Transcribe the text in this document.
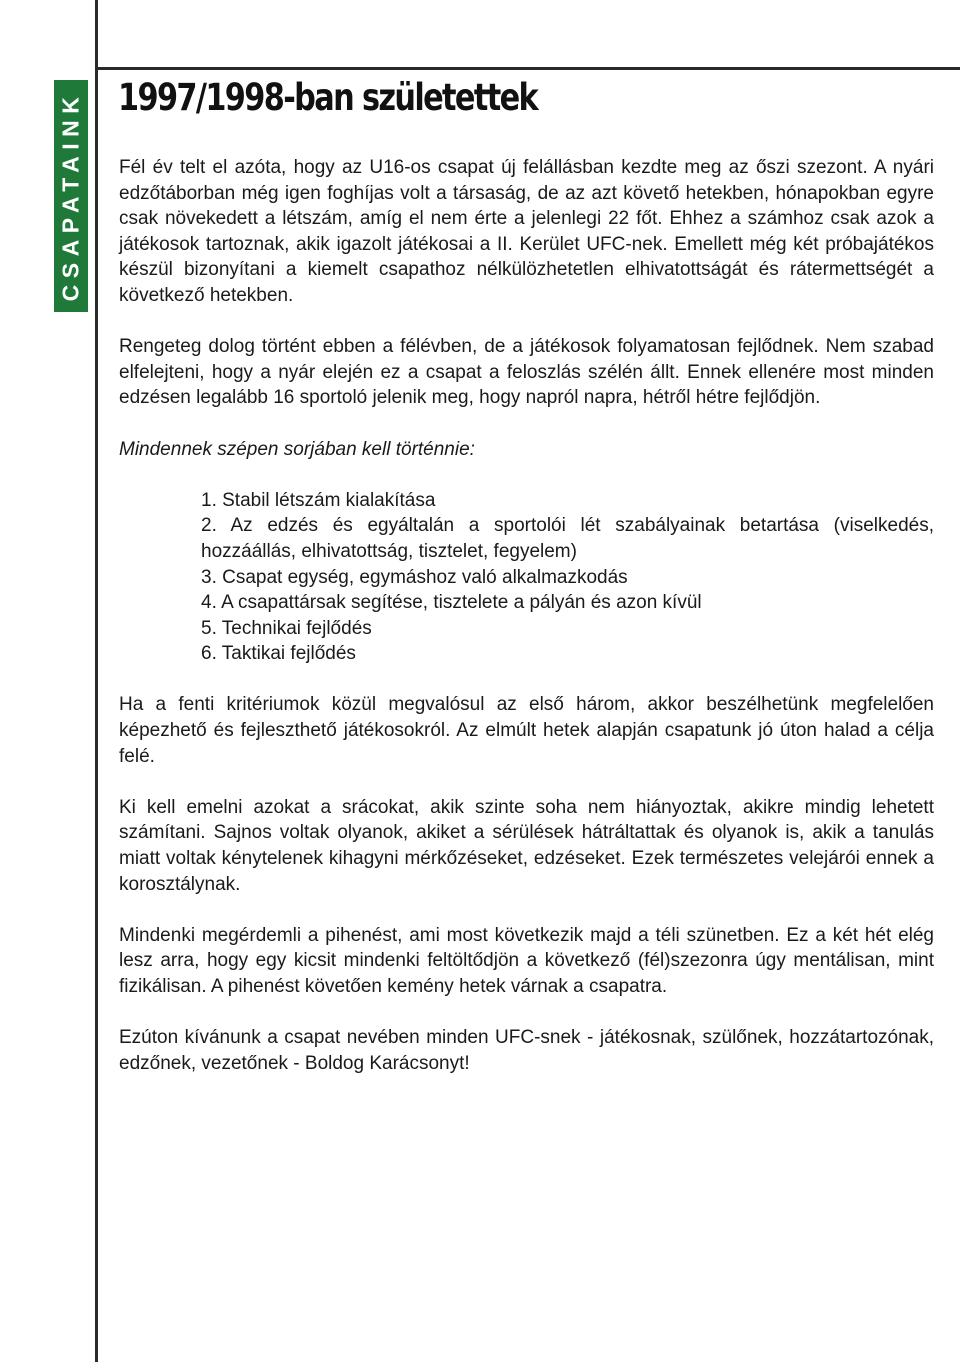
CSAPATAINK 1997/1998-ban születettek

Fél év telt el azóta, hogy az U16-os csapat új felállásban kezdte meg az őszi szezont. A nyári edzőtáborban még igen foghíjas volt a társaság, de az azt követő hetekben, hónapokban egyre csak növekedett a létszám, amíg el nem érte a jelenlegi 22 főt. Ehhez a számhoz csak azok a játékosok tartoznak, akik igazolt játékosai a II. Kerület UFC-nek. Emellett még két próbajátékos készül bizonyítani a kiemelt csapathoz nélkülözhetetlen elhivatottságát és rátermettségét a következő hetekben.

Rengeteg dolog történt ebben a félévben, de a játékosok folyamatosan fejlődnek. Nem szabad elfelejteni, hogy a nyár elején ez a csapat a feloszlás szélén állt. Ennek ellenére most minden edzésen legalább 16 sportoló jelenik meg, hogy napról napra, hétről hétre fejlődjön.

Mindennek szépen sorjában kell történnie:

1. Stabil létszám kialakítása
2. Az edzés és egyáltalán a sportolói lét szabályainak betartása (viselkedés, hozzáállás, elhivatottság, tisztelet, fegyelem)
3. Csapat egység, egymáshoz való alkalmazkodás
4. A csapattársak segítése, tisztelete a pályán és azon kívül
5. Technikai fejlődés
6. Taktikai fejlődés

Ha a fenti kritériumok közül megvalósul az első három, akkor beszélhetünk megfelelően képezhető és fejleszthető játékosokról. Az elmúlt hetek alapján csapatunk jó úton halad a célja felé.

Ki kell emelni azokat a srácokat, akik szinte soha nem hiányoztak, akikre mindig lehetett számítani. Sajnos voltak olyanok, akiket a sérülések hátráltattak és olyanok is, akik a tanulás miatt voltak kénytelenek kihagyni mérkőzéseket, edzéseket. Ezek természetes velejárói ennek a korosztálynak.

Mindenki megérdemli a pihenést, ami most következik majd a téli szünetben. Ez a két hét elég lesz arra, hogy egy kicsit mindenki feltöltődjön a következő (fél)szezonra úgy mentálisan, mint fizikálisan. A pihenést követően kemény hetek várnak a csapatra.

Ezúton kívánunk a csapat nevében minden UFC-snek - játékosnak, szülőnek, hozzátartozónak, edzőnek, vezetőnek - Boldog Karácsonyt!
